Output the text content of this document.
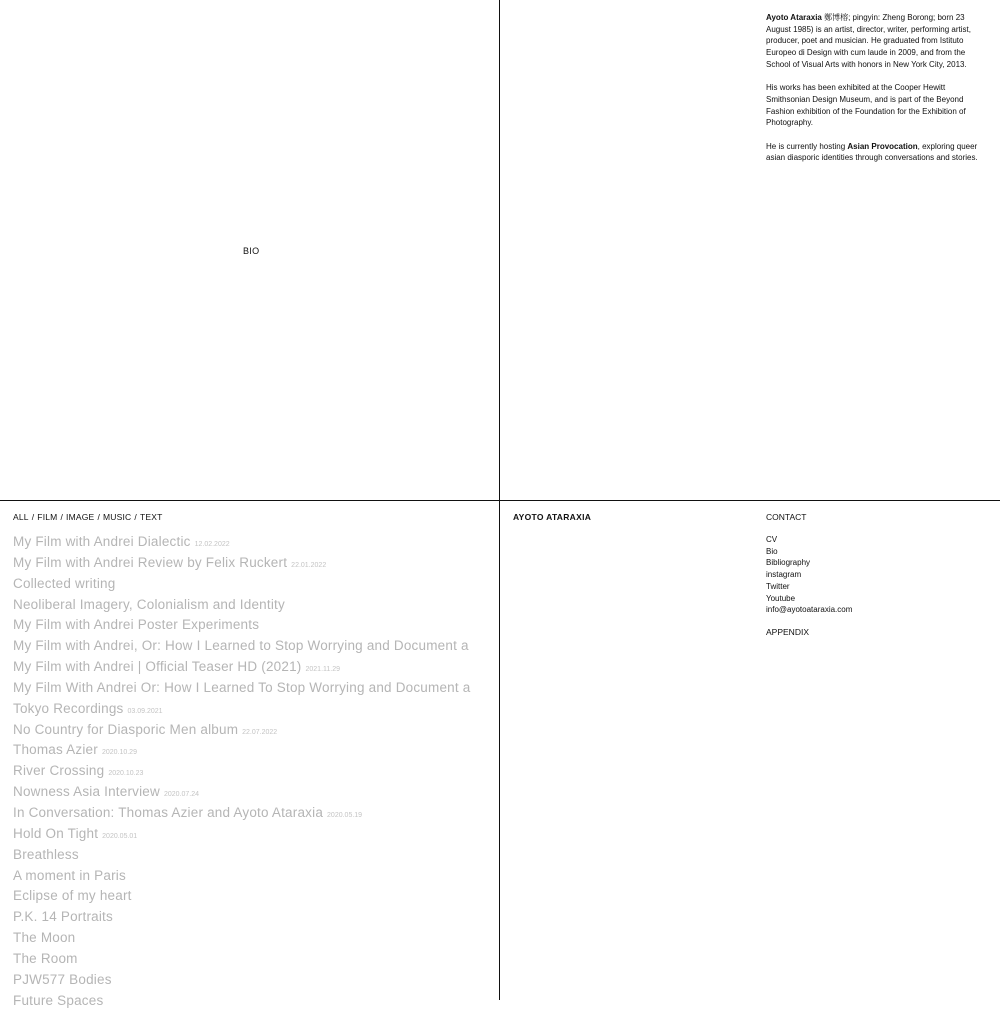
BIO

Ayoto Ataraxia 鄭博榕; pingyin: Zheng Borong; born 23 August 1985) is an artist, director, writer, performing artist, producer, poet and musician. He graduated from Istituto Europeo di Design with cum laude in 2009, and from the School of Visual Arts with honors in New York City, 2013.

His works has been exhibited at the Cooper Hewitt Smithsonian Design Museum, and is part of the Beyond Fashion exhibition of the Foundation for the Exhibition of Photography.

He is currently hosting Asian Provocation, exploring queer asian diasporic identities through conversations and stories.

ALL / FILM / IMAGE / MUSIC / TEXT
My Film with Andrei Dialectic 12.02.2022
My Film with Andrei Review by Felix Ruckert 22.01.2022
Collected writing
Neoliberal Imagery, Colonialism and Identity
My Film with Andrei Poster Experiments
My Film with Andrei, Or: How I Learned to Stop Worrying and Document a
My Film with Andrei | Official Teaser HD (2021) 2021.11.29
My Film With Andrei Or: How I Learned To Stop Worrying and Document a
Tokyo Recordings 03.09.2021
No Country for Diasporic Men album 22.07.2022
Thomas Azier 2020.10.29
River Crossing 2020.10.23
Nowness Asia Interview 2020.07.24
In Conversation: Thomas Azier and Ayoto Ataraxia 2020.05.19
Hold On Tight 2020.05.01
Breathless
A moment in Paris
Eclipse of my heart
P.K. 14 Portraits
The Moon
The Room
PJW577 Bodies
Future Spaces
AYOTO ATARAXIA	CONTACT
CV
Bio
Bibliography
instagram
Twitter
Youtube
info@ayotoataraxia.com
APPENDIX
